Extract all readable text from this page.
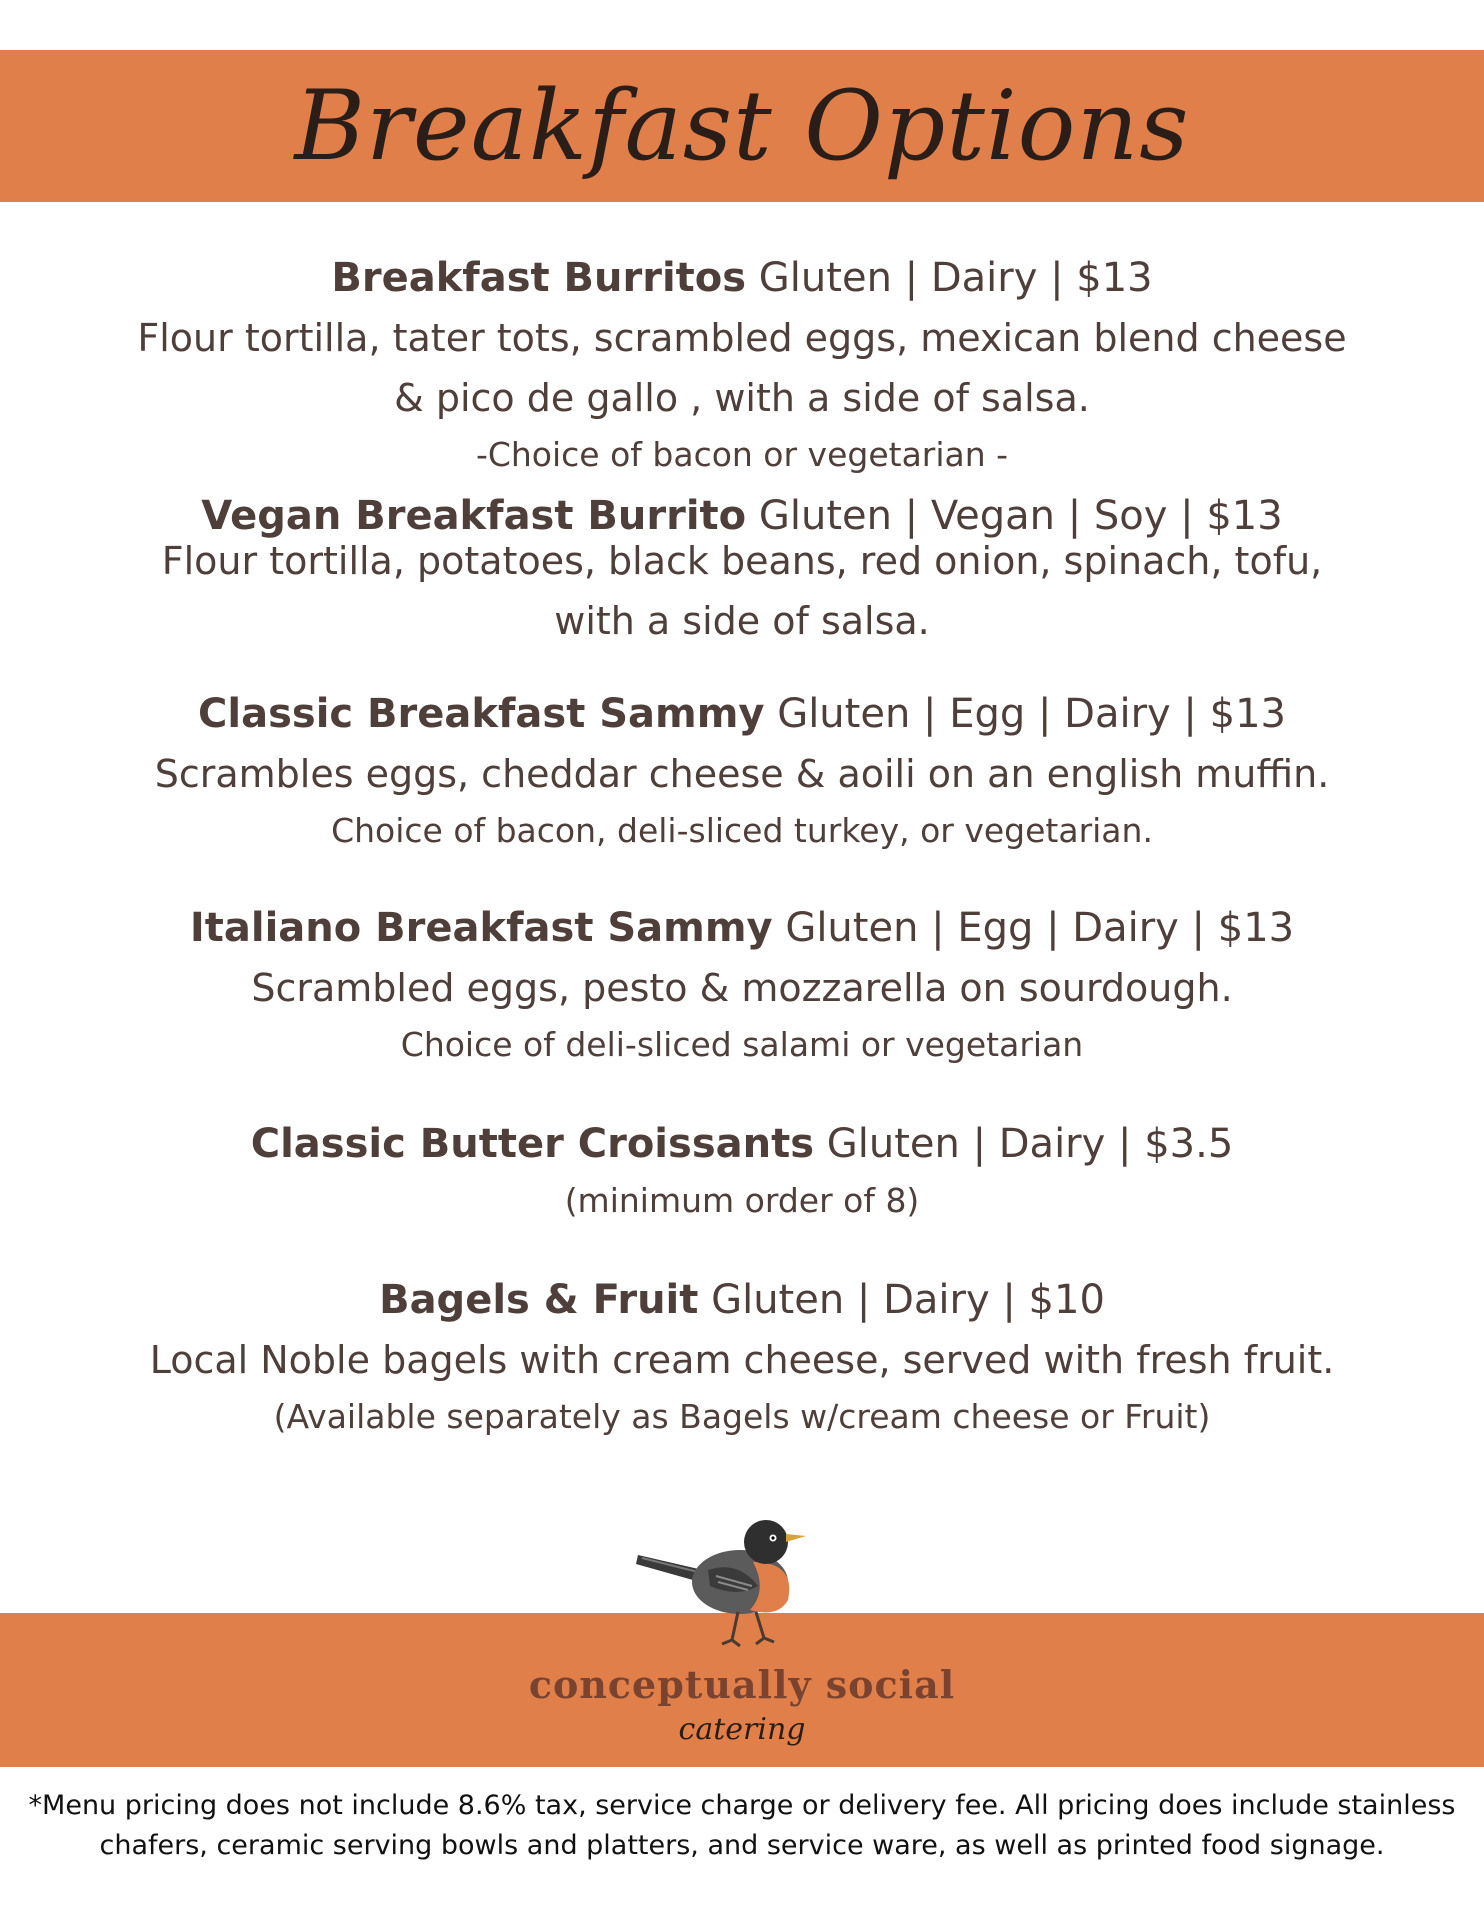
Breakfast Options
Breakfast Burritos Gluten | Dairy | $13
Flour tortilla, tater tots, scrambled eggs, mexican blend cheese
& pico de gallo , with a side of salsa.
-Choice of bacon or vegetarian -
Vegan Breakfast Burrito Gluten | Vegan | Soy | $13
Flour tortilla, potatoes, black beans, red onion, spinach, tofu,
with a side of salsa.
Classic Breakfast Sammy Gluten | Egg | Dairy | $13
Scrambles eggs, cheddar cheese & aoili on an english muffin.
Choice of bacon, deli-sliced turkey, or vegetarian.
Italiano Breakfast Sammy Gluten | Egg | Dairy | $13
Scrambled eggs, pesto & mozzarella on sourdough.
Choice of deli-sliced salami or vegetarian
Classic Butter Croissants Gluten | Dairy | $3.5
(minimum order of 8)
Bagels & Fruit Gluten | Dairy | $10
Local Noble bagels with cream cheese, served with fresh fruit.
(Available separately as Bagels w/cream cheese or Fruit)
conceptually social
catering
*Menu pricing does not include 8.6% tax, service charge or delivery fee. All pricing does include stainless
chafers, ceramic serving bowls and platters, and service ware, as well as printed food signage.
